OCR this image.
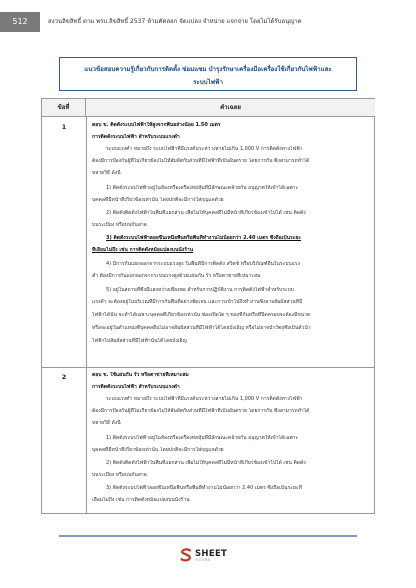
512	สงวนลิขสิทธิ์ ตาม พรบ.ลิขสิทธิ์ 2537 ห้ามคัดลอก จัดแปลง จำหน่าย แจกจ่าย โดยไม่ได้รับอนุญาต
แนวข้อสอบความรู้เกี่ยวกับการติดตั้ง ซ่อมแซม บำรุงรักษาเครื่องมือเครื่องใช้เกี่ยวกับไฟฟ้าและ
ระบบไฟฟ้า
ข้อที่	คำเฉลย
1	ตอบ ข. ติดตั้งระบบไฟฟ้าให้สูงจากพื้นอย่างน้อย 1.50 เมตร
การติดตั้งระบบไฟฟ้า สำหรับระบบแรงต่ำ
ระบบแรงต่ำ หมายถึง ระบบไฟฟ้าที่มีแรงดันระหว่างสายไม่เกิน 1,000 V การติดตั้งทางไฟฟ้า
ต้องมีการป้องกันผู้ที่ไม่เกี่ยวข้องไม่ให้สัมผัสกับส่วนที่มีไฟฟ้าที่เป็นอันตราย โดยการกั้น ซึ่งสามารถทำได้
หลายวิธี ดังนี้
1) ติดตั้งระบบไฟฟ้าอยู่ในห้องหรือเครื่องห่อหุ้มที่มีลักษณะคล้ายกัน อนุญาตให้เข้าได้เฉพาะ
บุคคลที่มีหน้าที่เกี่ยวข้องเท่านั้น โดยปกติจะมีการใส่กุญแจด้วย
2) ติดตั้งติดตั้งไฟฟ้าในพื้นที่แยกส่วน เพื่อไม่ให้บุคคลที่ไม่มีหน้าที่เกี่ยวข้องเข้าไปได้ เช่น ติดตั้ง
บนระเบียง หรือบนกันสาด
3) ติดตั้งระบบไฟฟ้าลอยขึ้นเหนือพื้นหรือพื้นที่ทำงานไม่น้อยกว่า 2.40 เมตร ซึ่งถือเป็นระยะ
ที่เอื้อมไม่ถึง เช่น การติดตั้งหม้อแปลงบนนั่งร้าน
4) มีการกั้นแยกออกจากระบบแรงสูง ในพื้นที่มีการติดตั้ง สวิตช์ หรือบริภัณฑ์อื่นในระบบแรง
ต่ำ ต้องมีการกั้นแยกออกจากระบบแรงสูงด้วยแผ่นกั้น รั้ว หรือตาข่ายที่เหมาะสม
5) อยู่ในสถานที่ซึ่งมีแสงสว่างเพียงพอ สำหรับการปฏิบัติงาน การติดตั้งไฟฟ้าสำหรับระบบ
แรงต่ำ จะต้องอยู่ในบริเวณที่มีการกั้นพื้นที่อย่างชัดเจน และการเข้าไปถึงทำงานซึ่งอาจสัมผัสส่วนที่มี
ไฟฟ้าได้นั้น จะทำได้เฉพาะบุคคลที่เกี่ยวข้องเท่านั้น ช่องเปิดใด ๆ ของที่กั้นหรือที่ปิดครอบจะต้องมีขนาด
หรือจะอยู่ในตำแหน่งที่บุคคลอื่นไม่อาจสัมผัสส่วนที่มีไฟฟ้าได้โดยบังเอิญ หรือไม่อาจนำวัตถุซึ่งเป็นตัวนำ
ไฟฟ้าไปสัมผัสส่วนที่มีไฟฟ้านั้นได้โดยบังเอิญ
2	ตอบ ข. ใช้แผ่นกั้น รั้ว หรือตาข่ายที่เหมาะสม
การติดตั้งระบบไฟฟ้า สำหรับระบบแรงต่ำ
ระบบแรงต่ำ หมายถึง ระบบไฟฟ้าที่มีแรงดันระหว่างสายไม่เกิน 1,000 V การติดตั้งทางไฟฟ้า
ต้องมีการป้องกันผู้ที่ไม่เกี่ยวข้องไม่ให้สัมผัสกับส่วนที่มีไฟฟ้าที่เป็นอันตราย โดยการกั้น ซึ่งสามารถทำได้
หลายวิธี ดังนี้
1) ติดตั้งระบบไฟฟ้าอยู่ในห้องหรือเครื่องห่อหุ้มที่มีลักษณะคล้ายกัน อนุญาตให้เข้าได้เฉพาะ
บุคคลที่มีหน้าที่เกี่ยวข้องเท่านั้น โดยปกติจะมีการใส่กุญแจด้วย
2) ติดตั้งติดตั้งไฟฟ้าในพื้นที่แยกส่วน เพื่อไม่ให้บุคคลที่ไม่มีหน้าที่เกี่ยวข้องเข้าไปได้ เช่น ติดตั้ง
บนระเบียง หรือบนกันสาด
3) ติดตั้งระบบไฟฟ้าลอยขึ้นเหนือพื้นหรือพื้นที่ทำงานไม่น้อยกว่า 2.40 เมตร ซึ่งถือเป็นระยะที่
เอื้อมไม่ถึง เช่น การติดตั้งหม้อแปลงบนนั่งร้าน
SHEET
STORE
